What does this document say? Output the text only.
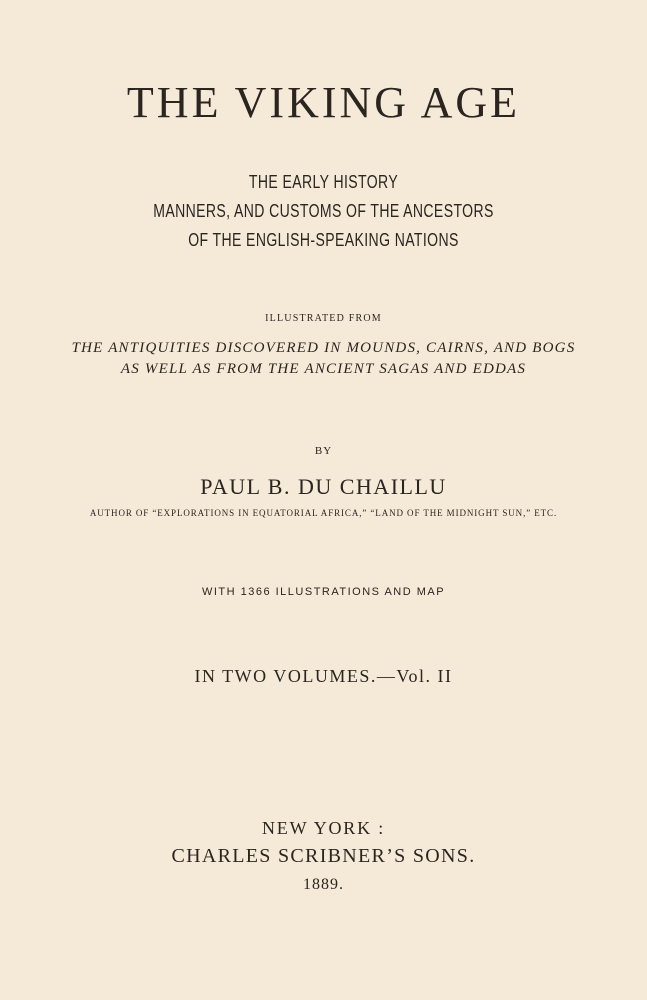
THE VIKING AGE
THE EARLY HISTORY
MANNERS, AND CUSTOMS OF THE ANCESTORS
OF THE ENGLISH-SPEAKING NATIONS
ILLUSTRATED FROM
THE ANTIQUITIES DISCOVERED IN MOUNDS, CAIRNS, AND BOGS
AS WELL AS FROM THE ANCIENT SAGAS AND EDDAS
BY
PAUL B. DU CHAILLU
AUTHOR OF “EXPLORATIONS IN EQUATORIAL AFRICA,” “LAND OF THE MIDNIGHT SUN,” ETC.
WITH 1366 ILLUSTRATIONS AND MAP
IN TWO VOLUMES.—Vol. II
NEW YORK :
CHARLES SCRIBNER’S SONS.
1889.
